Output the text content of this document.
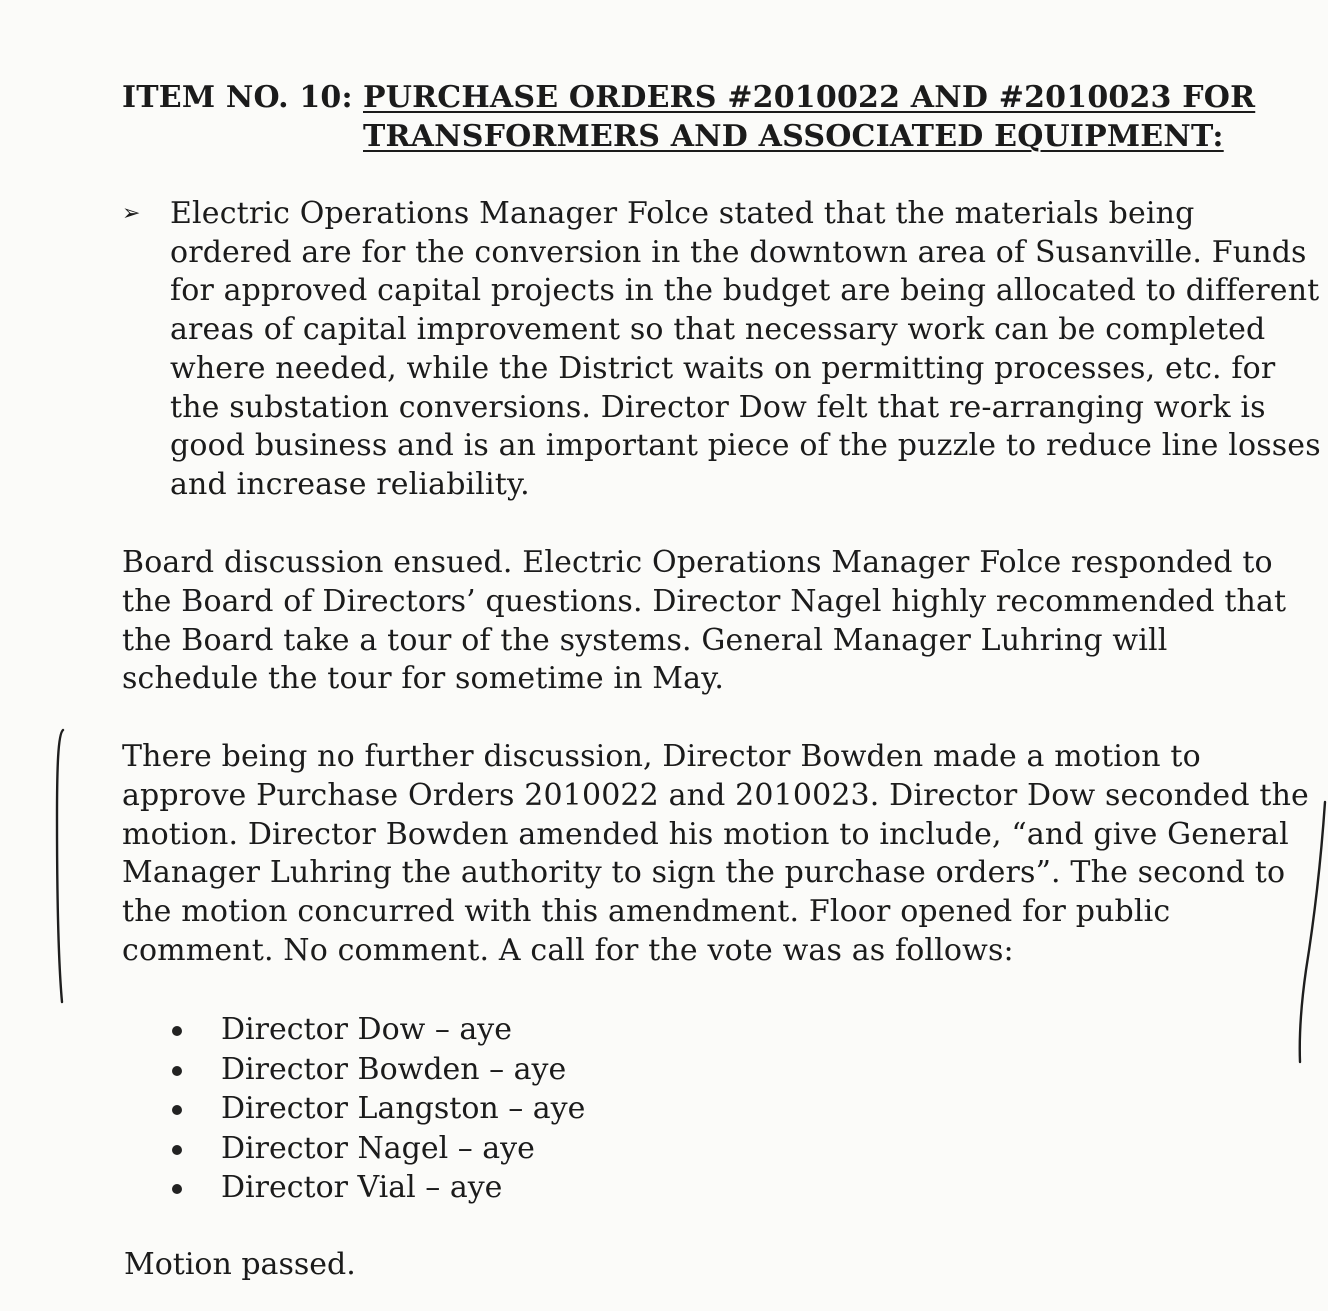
ITEM NO. 10: PURCHASE ORDERS #2010022 AND #2010023 FOR
TRANSFORMERS AND ASSOCIATED EQUIPMENT:
➢ Electric Operations Manager Folce stated that the materials being
ordered are for the conversion in the downtown area of Susanville. Funds
for approved capital projects in the budget are being allocated to different
areas of capital improvement so that necessary work can be completed
where needed, while the District waits on permitting processes, etc. for
the substation conversions. Director Dow felt that re-arranging work is
good business and is an important piece of the puzzle to reduce line losses
and increase reliability.
Board discussion ensued. Electric Operations Manager Folce responded to
the Board of Directors’ questions. Director Nagel highly recommended that
the Board take a tour of the systems. General Manager Luhring will
schedule the tour for sometime in May.
There being no further discussion, Director Bowden made a motion to
approve Purchase Orders 2010022 and 2010023. Director Dow seconded the
motion. Director Bowden amended his motion to include, “and give General
Manager Luhring the authority to sign the purchase orders”. The second to
the motion concurred with this amendment. Floor opened for public
comment. No comment. A call for the vote was as follows:
Director Dow – aye
Director Bowden – aye
Director Langston – aye
Director Nagel – aye
Director Vial – aye
Motion passed.
